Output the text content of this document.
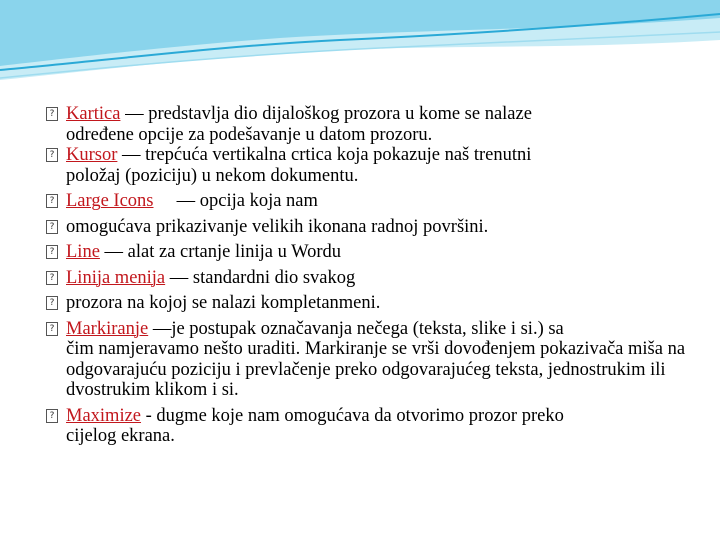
? Kartica — predstavlja dio dijaloškog prozora u kome se nalaze
određene opcije za podešavanje u datom prozoru.
? Kursor — trepćuća vertikalna crtica koja pokazuje naš trenutni
položaj (poziciju) u nekom dokumentu.
? Large Icons     — opcija koja nam
? omogućava prikazivanje velikih ikonana radnoj površini.
? Line — alat za crtanje linija u Wordu
? Linija menija — standardni dio svakog
? prozora na kojoj se nalazi kompletanmeni.
? Markiranje —je postupak označavanja nečega (teksta, slike i si.) sa
čim namjeravamo nešto uraditi. Markiranje se vrši dovođenjem pokazivača miša na odgovarajuću poziciju i prevlačenje preko odgovarajućeg teksta, jednostrukim ili dvostrukim klikom i si.
? Maximize - dugme koje nam omogućava da otvorimo prozor preko
cijelog ekrana.
